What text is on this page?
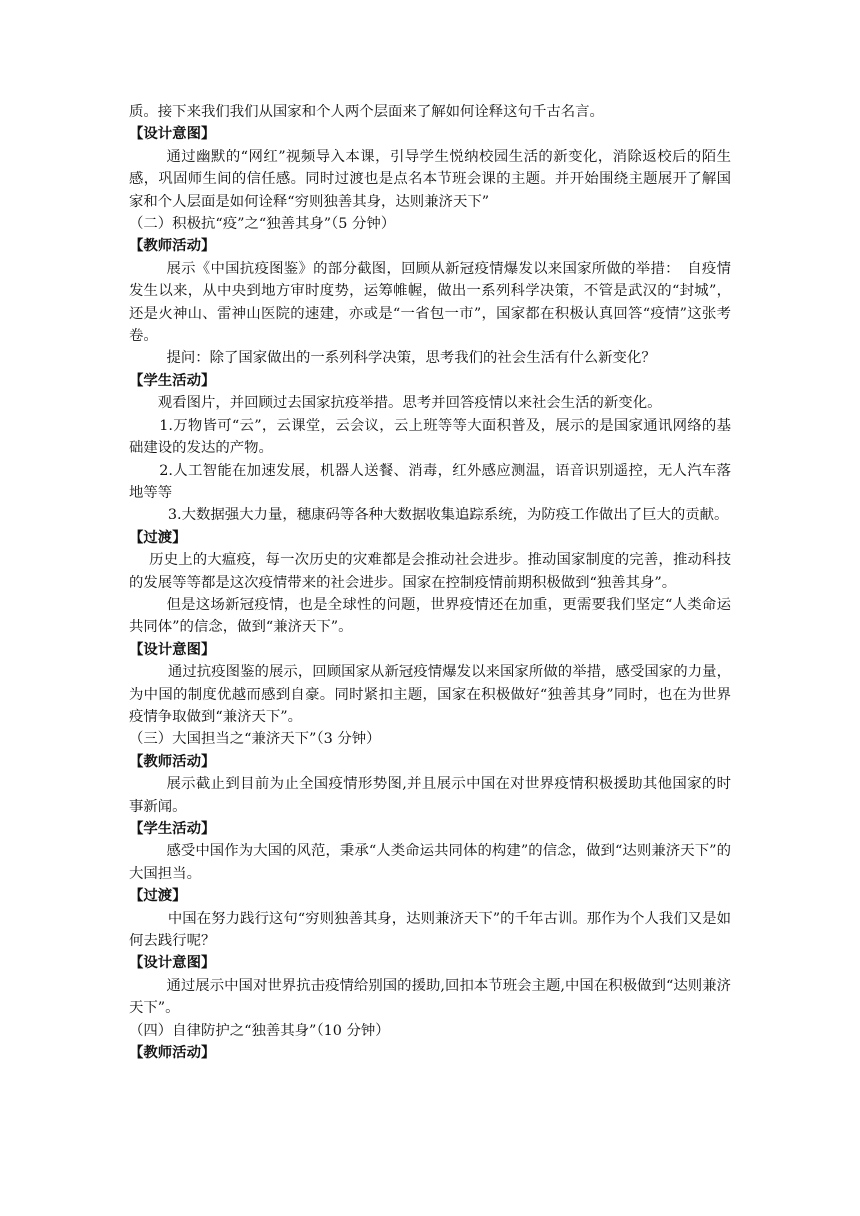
质。接下来我们我们从国家和个人两个层面来了解如何诠释这句千古名言。

【设计意图】

通过幽默的“网红”视频导入本课，引导学生悦纳校园生活的新变化，消除返校后的陌生感，巩固师生间的信任感。同时过渡也是点名本节班会课的主题。并开始围绕主题展开了解国家和个人层面是如何诠释“穷则独善其身，达则兼济天下”

（二）积极抗“疫”之“独善其身”（5 分钟）

【教师活动】

展示《中国抗疫图鉴》的部分截图，回顾从新冠疫情爆发以来国家所做的举措：　自疫情发生以来，从中央到地方审时度势，运筹帷幄，做出一系列科学决策，不管是武汉的“封城”，还是火神山、雷神山医院的速建，亦或是“一省包一市”，国家都在积极认真回答“疫情”这张考卷。

提问：除了国家做出的一系列科学决策，思考我们的社会生活有什么新变化？

【学生活动】

观看图片，并回顾过去国家抗疫举措。思考并回答疫情以来社会生活的新变化。

1.万物皆可“云”，云课堂，云会议，云上班等等大面积普及，展示的是国家通讯网络的基础建设的发达的产物。

2.人工智能在加速发展，机器人送餐、消毒，红外感应测温，语音识别遥控，无人汽车落地等等

3.大数据强大力量，穗康码等各种大数据收集追踪系统，为防疫工作做出了巨大的贡献。

【过渡】

历史上的大瘟疫，每一次历史的灾难都是会推动社会进步。推动国家制度的完善，推动科技的发展等等都是这次疫情带来的社会进步。国家在控制疫情前期积极做到“独善其身”。

但是这场新冠疫情，也是全球性的问题，世界疫情还在加重，更需要我们坚定“人类命运共同体”的信念，做到“兼济天下”。

【设计意图】

通过抗疫图鉴的展示，回顾国家从新冠疫情爆发以来国家所做的举措，感受国家的力量，为中国的制度优越而感到自豪。同时紧扣主题，国家在积极做好“独善其身”同时，也在为世界疫情争取做到“兼济天下”。

（三）大国担当之“兼济天下”（3 分钟）

【教师活动】

展示截止到目前为止全国疫情形势图,并且展示中国在对世界疫情积极援助其他国家的时事新闻。

【学生活动】

感受中国作为大国的风范，秉承“人类命运共同体的构建”的信念，做到“达则兼济天下”的大国担当。

【过渡】

中国在努力践行这句“穷则独善其身，达则兼济天下”的千年古训。那作为个人我们又是如何去践行呢？

【设计意图】

通过展示中国对世界抗击疫情给别国的援助,回扣本节班会主题,中国在积极做到“达则兼济天下”。

（四）自律防护之“独善其身”（10 分钟）

【教师活动】
